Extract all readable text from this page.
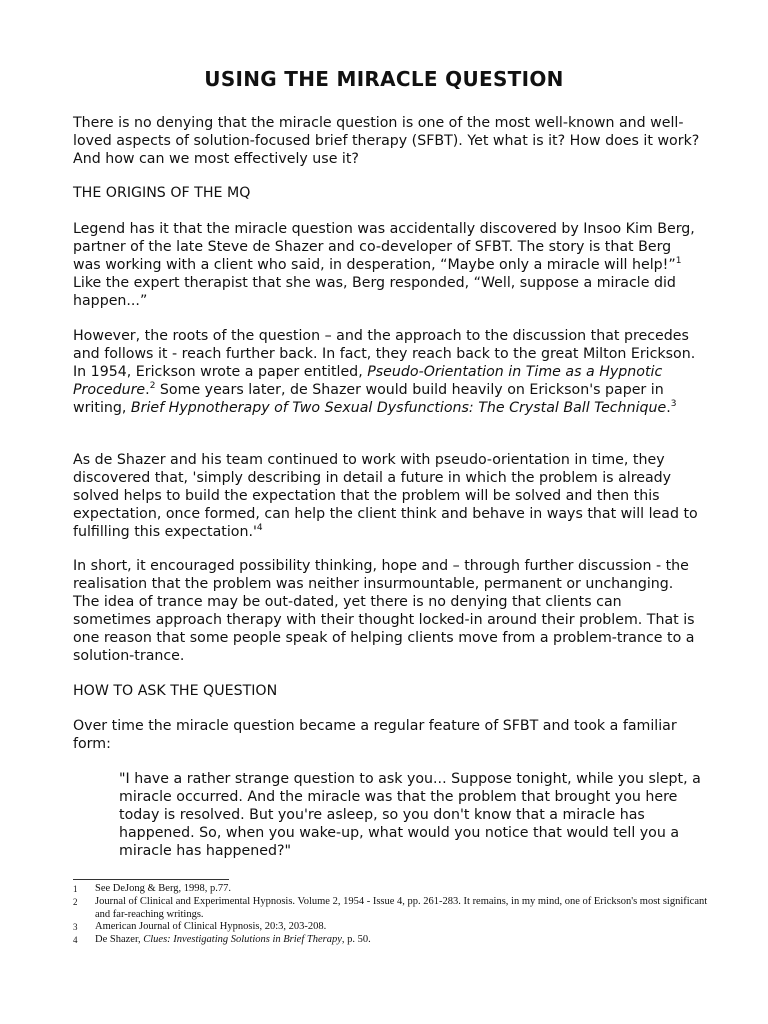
USING THE MIRACLE QUESTION

There is no denying that the miracle question is one of the most well-known and well-loved aspects of solution-focused brief therapy (SFBT). Yet what is it? How does it work? And how can we most effectively use it?

THE ORIGINS OF THE MQ

Legend has it that the miracle question was accidentally discovered by Insoo Kim Berg, partner of the late Steve de Shazer and co-developer of SFBT. The story is that Berg was working with a client who said, in desperation, “Maybe only a miracle will help!”$^1$ Like the expert therapist that she was, Berg responded, “Well, suppose a miracle did happen...”

However, the roots of the question – and the approach to the discussion that precedes and follows it - reach further back. In fact, they reach back to the great Milton Erickson. In 1954, Erickson wrote a paper entitled, Pseudo-Orientation in Time as a Hypnotic Procedure.$^2$ Some years later, de Shazer would build heavily on Erickson's paper in writing, Brief Hypnotherapy of Two Sexual Dysfunctions: The Crystal Ball Technique.$^3$

As de Shazer and his team continued to work with pseudo-orientation in time, they discovered that, 'simply describing in detail a future in which the problem is already solved helps to build the expectation that the problem will be solved and then this expectation, once formed, can help the client think and behave in ways that will lead to fulfilling this expectation.'$^4$

In short, it encouraged possibility thinking, hope and – through further discussion - the realisation that the problem was neither insurmountable, permanent or unchanging. The idea of trance may be out-dated, yet there is no denying that clients can sometimes approach therapy with their thought locked-in around their problem. That is one reason that some people speak of helping clients move from a problem-trance to a solution-trance.

HOW TO ASK THE QUESTION

Over time the miracle question became a regular feature of SFBT and took a familiar form:

"I have a rather strange question to ask you... Suppose tonight, while you slept, a miracle occurred. And the miracle was that the problem that brought you here today is resolved. But you're asleep, so you don't know that a miracle has happened. So, when you wake-up, what would you notice that would tell you a miracle has happened?"

1	See DeJong & Berg, 1998, p.77.
2	Journal of Clinical and Experimental Hypnosis. Volume 2, 1954 - Issue 4, pp. 261-283. It remains, in my mind, one of Erickson's most significant and far-reaching writings.
3	American Journal of Clinical Hypnosis, 20:3, 203-208.
4	De Shazer, Clues: Investigating Solutions in Brief Therapy, p. 50.
